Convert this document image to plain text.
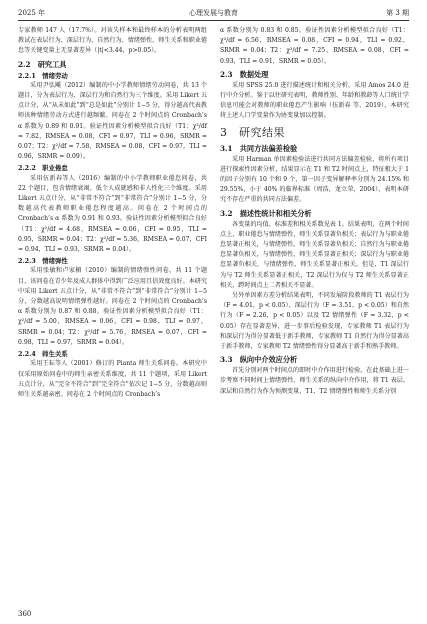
2025 年	心理发展与教育	第 3 期

专家教师 147 人（17.7%）。对该失样本和最终样本的分析表明两组教试在表层行为、深层行为、自然行为、情绪弹性、师生关系和职业倦怠等关键变量上无显著差异（|t|<3.44，p>0.05）。

2.2　研究工具
2.2.1　情绪劳动

采用尹弘飚（2012）编制的中小学教师情绪劳动问卷，共 13 个题目，分为表层行为、深层行为和自然行为三个维度。采用 Likert 五点计分，从“从未如此”到“总是如此”分别计 1−5 分，得分越高代表教师该种情绪劳动方式进行越频繁。问卷在 2 个时间点的 Cronbach’s α 系数为 0.89 和 0.91。验证性因素分析模型拟合良好（T1：χ²/df = 7.82，RMSEA = 0.08，CFI = 0.97，TLI = 0.96，SRMR = 0.07；T2：χ²/df = 7.58，RMSEA = 0.08，CFI = 0.97，TLI = 0.96，SRMR = 0.09）。

2.2.2　职业倦怠

采用伍新春等人（2016）编制的中小学教师职业倦怠问卷，共 22 个题目，包含情绪衰竭、低个人成就感和非人性化三个维度。采用 Likert 五点计分，从“非常不符合”到“非常符合”分别计 1−5 分，分数越高代表教师职业倦怠程度越高。问卷在 2 个时间点的 Cronbach’s α 系数为 0.91 和 0.93。验证性因素分析模型拟合良好（T1：χ²/df = 4.68，RMSEA = 0.06，CFI = 0.95，TLI = 0.95，SRMR = 0.04；T2：χ²/df = 5.36，RMSEA = 0.07，CFI = 0.94，TLI = 0.93，SRMR = 0.04）。

2.2.3　情绪弹性

采用张敏和卢家楣（2010）编制的情绪弹性问卷，共 11 个题目，该问卷在青少年及成人群体中得到广泛应用且信效度良好。本研究中采用 Likert 五点计分，从“非常不符合”到“非常符合”分别计 1−5 分，分数越高说明情绪弹性越好。问卷在 2 个时间点的 Cronbach’s α 系数分别为 0.87 和 0.88。验证性因素分析模型拟合良好（T1：χ²/df = 5.00，RMSEA = 0.06，CFI = 0.98，TLI = 0.97，SRMR = 0.04；T2：χ²/df = 5.76，RMSEA = 0.07，CFI = 0.98，TLI = 0.97，SRMR = 0.04）。

2.2.4　师生关系

采用王耘等人（2001）修订的 Pianta 师生关系问卷。本研究中仅采用原始问卷中的师生亲密关系维度，共 11 个题项，采用 Likert 五点计分，从“完全不符合”到“完全符合”依次记 1−5 分，分数越高则师生关系越亲密。问卷在 2 个时间点的 Cronbach’s

α 系数分别为 0.83 和 0.85。验证性因素分析模型拟合良好（T1：χ²/df = 6.56，RMSEA = 0.08，CFI = 0.94，TLI = 0.92，SRMR = 0.04；T2：χ²/df = 7.25，RMSEA = 0.08，CFI = 0.93，TLI = 0.91，SRMR = 0.05）。

2.3　数据处理

采用 SPSS 25.0 进行描述统计和相关分析，采用 Amos 24.0 进行中介分析。鉴于以往研究表明，教师性别、年龄和教龄等人口统计学信息可能会对教师的职业倦怠产生影响（伍新春 等，2019），本研究将上述人口学变量作为协变量加以控制。

3　研究结果
3.1　共同方法偏差检验

采用 Harman 单因素检验法进行共同方法偏差检验，将所有项目进行探索性因素分析，结果显示在 T1 和 T2 时间点上，特征根大于 1 的因子分别有 10 个和 9 个，第一因子变异解释率分别为 24.15% 和 29.55%，小于 40% 的临界标准（周浩，龙立荣，2004），表明本研究不存在严重的共同方法偏差。

3.2　描述性统计和相关分析

各变量的均值、标准差和相关系数见表 1。结果表明，在两个时间点上，职业倦怠与情绪弹性、师生关系显著负相关；表层行为与职业倦怠显著正相关，与情绪弹性、师生关系显著负相关；自然行为与职业倦怠显著负相关，与情绪弹性、师生关系显著正相关；深层行为与职业倦怠显著负相关，与情绪弹性、师生关系显著正相关。但是，T1 深层行为与 T2 师生关系显著正相关，T2 深层行为仅与 T2 师生关系显著正相关，跨时间点上二者相关不显著。

另外单因素方差分析结果表明，不同发展阶段教师的 T1 表层行为（F = 4.01，p < 0.05）、深层行为（F = 3.51，p < 0.05）和自然行为（F = 2.26，p < 0.05）以及 T2 情绪弹性（F = 3.32，p < 0.05）存在显著差异，进一步事后检验发现，专家教师 T1 表层行为和深层行为得分显著低于新手教师，专家教师 T1 自然行为得分显著高于新手教师，专家教师 T2 情绪弹性得分显著高于新手和熟手教师。

3.3　纵向中介效应分析

首先分别对两个时间点的即时中介作用进行检验，在此基础上进一步考察不同时间上情绪弹性、师生关系的纵向中介作用，将 T1 表层、深层和自然行为作为预测变量，T1、T2 情绪弹性和师生关系分别

360
